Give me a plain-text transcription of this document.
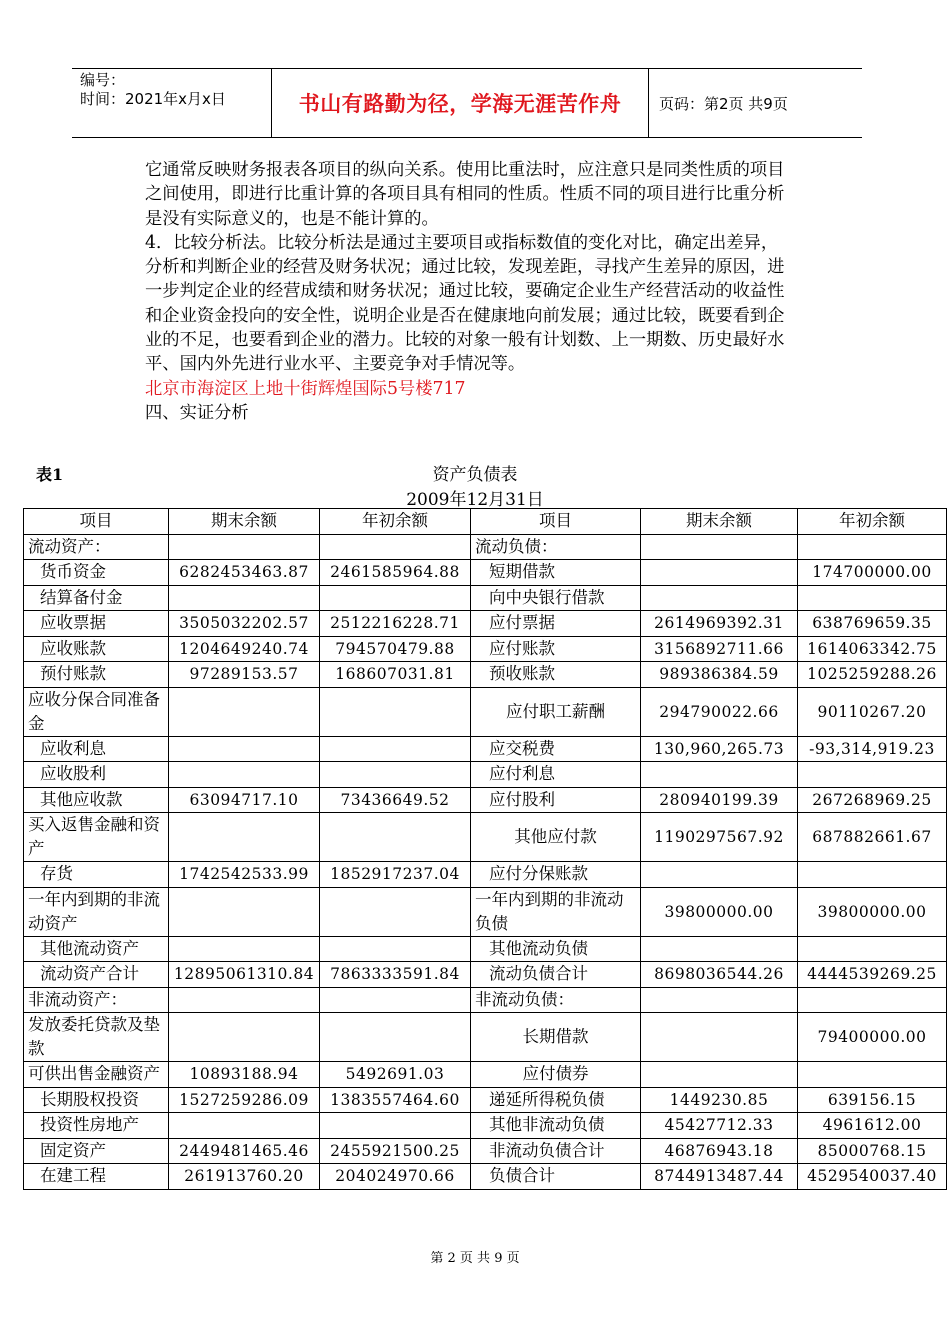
编号：
时间：2021年x月x日	书山有路勤为径，学海无涯苦作舟	页码：第2页 共9页

它通常反映财务报表各项目的纵向关系。使用比重法时，应注意只是同类性质的项目之间使用，即进行比重计算的各项目具有相同的性质。性质不同的项目进行比重分析是没有实际意义的，也是不能计算的。

4．比较分析法。比较分析法是通过主要项目或指标数值的变化对比，确定出差异，分析和判断企业的经营及财务状况；通过比较，发现差距，寻找产生差异的原因，进一步判定企业的经营成绩和财务状况；通过比较，要确定企业生产经营活动的收益性和企业资金投向的安全性，说明企业是否在健康地向前发展；通过比较，既要看到企业的不足，也要看到企业的潜力。比较的对象一般有计划数、上一期数、历史最好水平、国内外先进行业水平、主要竞争对手情况等。

北京市海淀区上地十街辉煌国际5号楼717

四、实证分析

表1	资产负债表
2009年12月31日
项目	期末余额	年初余额	项目	期末余额	年初余额
流动资产：			流动负债：		
货币资金	6282453463.87	2461585964.88	短期借款		174700000.00
结算备付金			向中央银行借款		
应收票据	3505032202.57	2512216228.71	应付票据	2614969392.31	638769659.35
应收账款	1204649240.74	794570479.88	应付账款	3156892711.66	1614063342.75
预付账款	97289153.57	168607031.81	预收账款	989386384.59	1025259288.26
应收分保合同准备金			应付职工薪酬	294790022.66	90110267.20
应收利息			应交税费	130,960,265.73	-93,314,919.23
应收股利			应付利息		
其他应收款	63094717.10	73436649.52	应付股利	280940199.39	267268969.25
买入返售金融和资产			其他应付款	1190297567.92	687882661.67
存货	1742542533.99	1852917237.04	应付分保账款		
一年内到期的非流动资产			一年内到期的非流动负债	39800000.00	39800000.00
其他流动资产			其他流动负债		
流动资产合计	12895061310.84	7863333591.84	流动负债合计	8698036544.26	4444539269.25
非流动资产：			非流动负债：		
发放委托贷款及垫款			长期借款		79400000.00
可供出售金融资产	10893188.94	5492691.03	应付债券		
长期股权投资	1527259286.09	1383557464.60	递延所得税负债	1449230.85	639156.15
投资性房地产			其他非流动负债	45427712.33	4961612.00
固定资产	2449481465.46	2455921500.25	非流动负债合计	46876943.18	85000768.15
在建工程	261913760.20	204024970.66	负债合计	8744913487.44	4529540037.40
第 2 页 共 9 页
